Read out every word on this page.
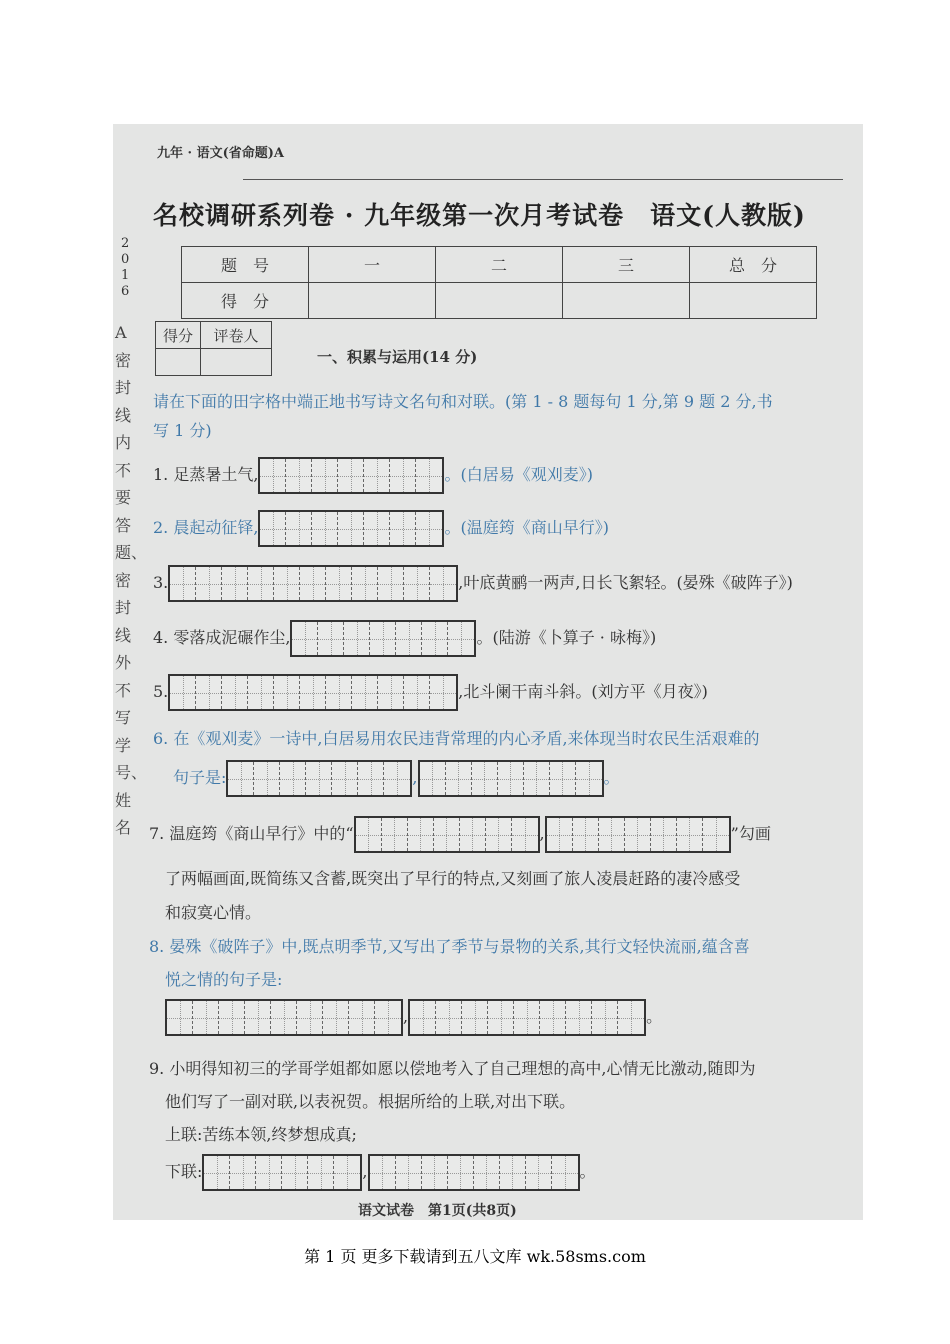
九年 · 语文(省命题)A
名校调研系列卷 · 九年级第一次月考试卷　语文(人教版)
2016
A密封线内不要答题、密封线外不写学号、姓名
题　号	一	二	三	总　分
得　分				
得分	评卷人

一、积累与运用(14 分)
请在下面的田字格中端正地书写诗文名句和对联。(第 1 - 8 题每句 1 分,第 9 题 2 分,书
写 1 分)
1. 足蒸暑土气,	。(白居易《观刈麦》)
2. 晨起动征铎,	。(温庭筠《商山早行》)
3.	,叶底黄鹂一两声,日长飞絮轻。(晏殊《破阵子》)
4. 零落成泥碾作尘,	。(陆游《卜算子 · 咏梅》)
5.	,北斗阑干南斗斜。(刘方平《月夜》)
6. 在《观刈麦》一诗中,白居易用农民违背常理的内心矛盾,来体现当时农民生活艰难的
句子是:	,	。
7. 温庭筠《商山早行》中的“	,	”勾画
了两幅画面,既简练又含蓄,既突出了早行的特点,又刻画了旅人凌晨赶路的凄冷感受
和寂寞心情。
8. 晏殊《破阵子》中,既点明季节,又写出了季节与景物的关系,其行文轻快流丽,蕴含喜
悦之情的句子是:
,	。
9. 小明得知初三的学哥学姐都如愿以偿地考入了自己理想的高中,心情无比激动,随即为
他们写了一副对联,以表祝贺。根据所给的上联,对出下联。
上联:苦练本领,终梦想成真;
下联:	,	。
语文试卷　第1页(共8页)
第 1 页 更多下载请到五八文库 wk.58sms.com
